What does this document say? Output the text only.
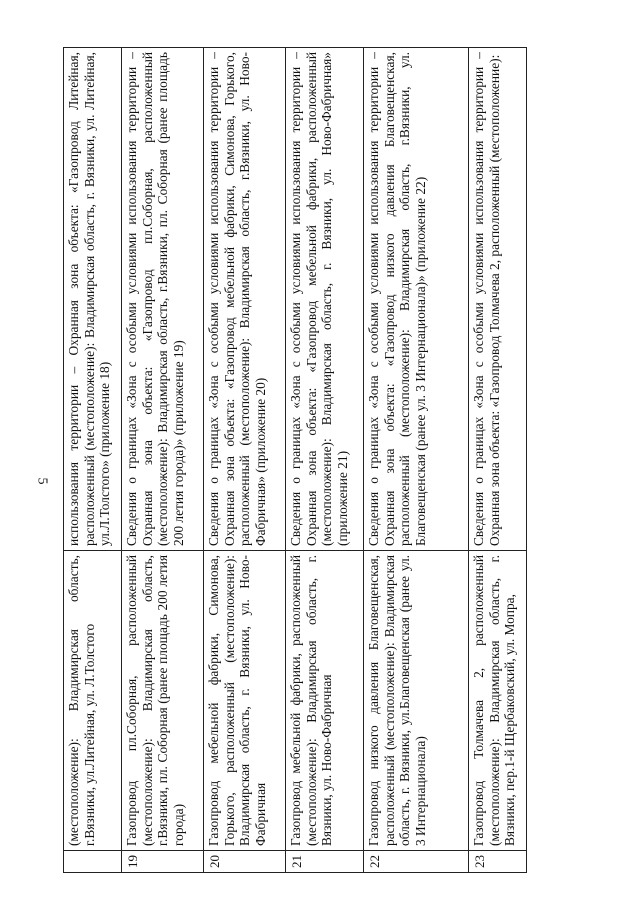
5
	(местоположение): Владимирская область, г.Вязники, ул.Литейная, ул. Л.Толстого	использования территории – Охранная зона объекта: «Газопровод Литейная, расположенный (местоположение): Владимирская область, г. Вязники, ул. Литейная, ул.Л.Толстого» (приложение 18)
19	Газопровод пл.Соборная, расположенный (местоположение): Владимирская область, г.Вязники, пл. Соборная (ранее площадь 200 летия города)	Сведения о границах «Зона с особыми условиями использования территории – Охранная зона объекта: «Газопровод пл.Соборная, расположенный (местоположение): Владимирская область, г.Вязники, пл. Соборная (ранее площадь 200 летия города)» (приложение 19)
20	Газопровод мебельной фабрики, Симонова, Горького, расположенный (местоположение): Владимирская область, г. Вязники, ул. Ново-Фабричная	Сведения о границах «Зона с особыми условиями использования территории – Охранная зона объекта: «Газопровод мебельной фабрики, Симонова, Горького, расположенный (местоположение): Владимирская область, г.Вязники, ул. Ново-Фабричная» (приложение 20)
21	Газопровод мебельной фабрики, расположенный (местоположение): Владимирская область, г. Вязники, ул. Ново-Фабричная	Сведения о границах «Зона с особыми условиями использования территории – Охранная зона объекта: «Газопровод мебельной фабрики, расположенный (местоположение): Владимирская область, г. Вязники, ул. Ново-Фабричная» (приложение 21)
22	Газопровод низкого давления Благовещенская, расположенный (местоположение): Владимирская область, г. Вязники, ул.Благовещенская (ранее ул. 3 Интернационала)	Сведения о границах «Зона с особыми условиями использования территории – Охранная зона объекта: «Газопровод низкого давления Благовещенская, расположенный (местоположение): Владимирская область, г.Вязники, ул. Благовещенская (ранее ул. 3 Интернационала)» (приложение 22)
23	Газопровод Толмачева 2, расположенный (местоположение): Владимирская область, г. Вязники, пер.1-й Щербаковский, ул. Мопра,	Сведения о границах «Зона с особыми условиями использования территории – Охранная зона объекта: «Газопровод Толмачева 2, расположенный (местоположение):
